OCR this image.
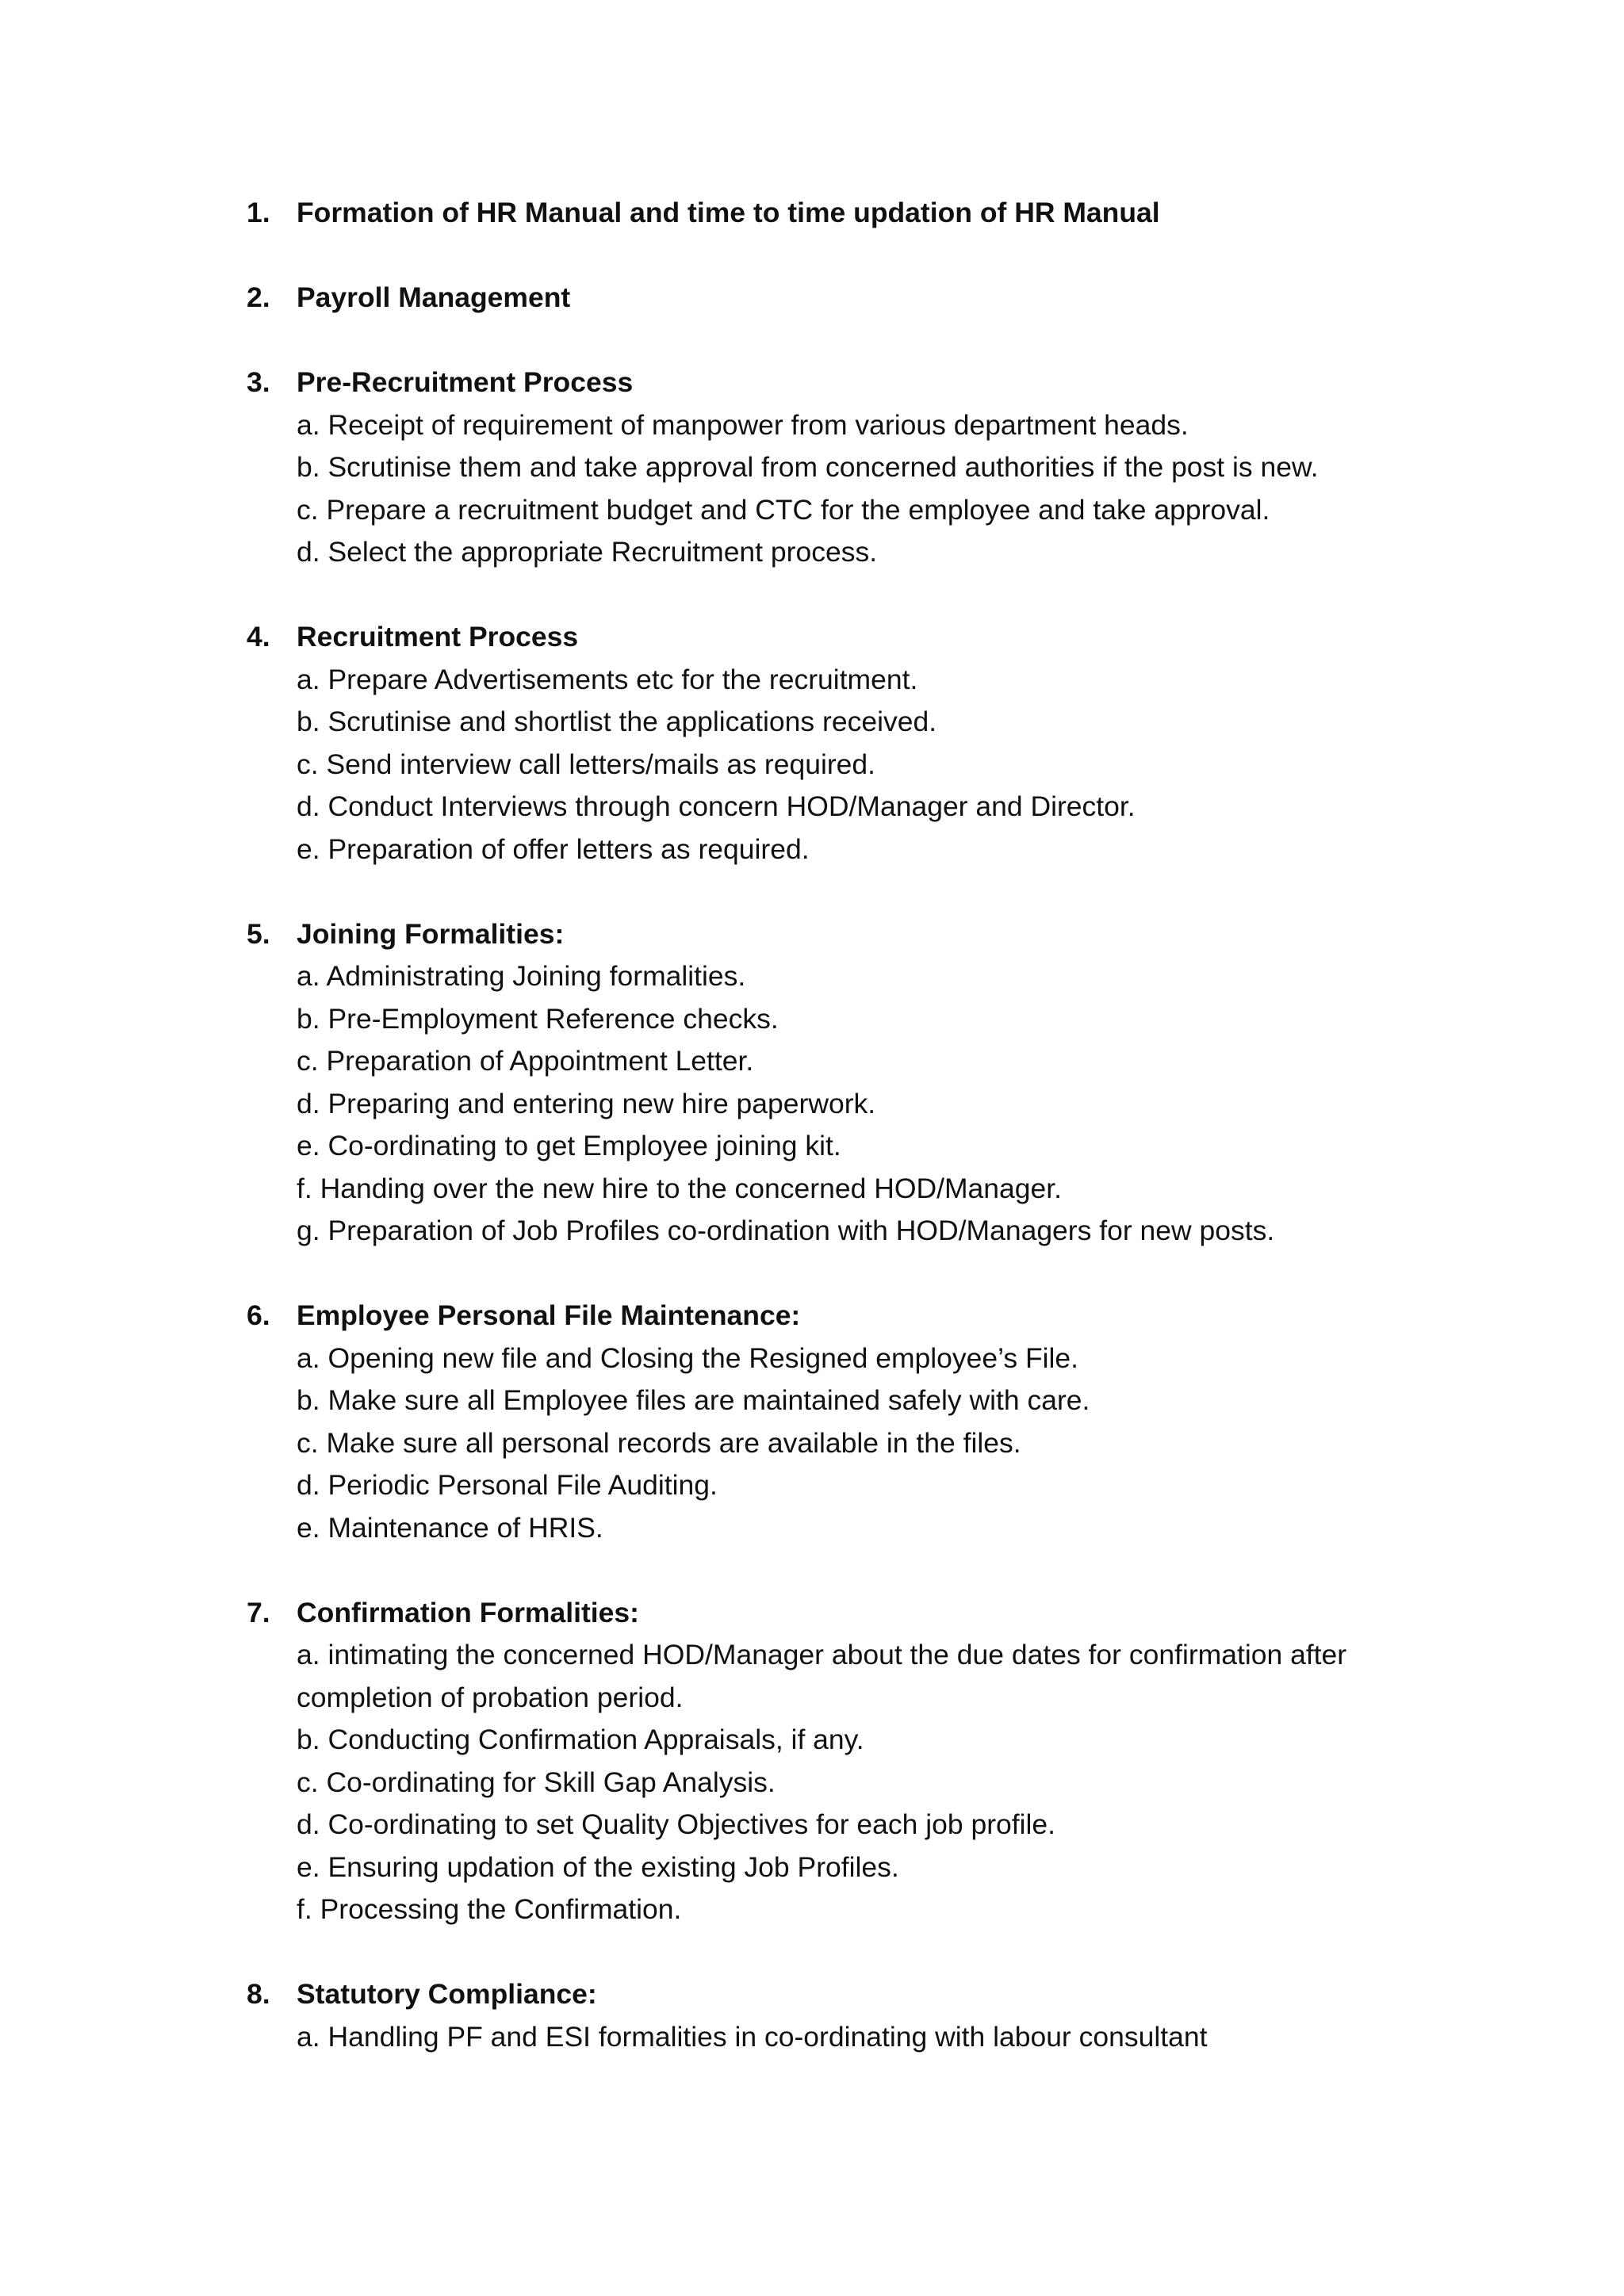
1. Formation of HR Manual and time to time updation of HR Manual
2. Payroll Management
3. Pre-Recruitment Process
a. Receipt of requirement of manpower from various department heads.
b. Scrutinise them and take approval from concerned authorities if the post is new.
c. Prepare a recruitment budget and CTC for the employee and take approval.
d. Select the appropriate Recruitment process.
4. Recruitment Process
a. Prepare Advertisements etc for the recruitment.
b. Scrutinise and shortlist the applications received.
c. Send interview call letters/mails as required.
d. Conduct Interviews through concern HOD/Manager and Director.
e. Preparation of offer letters as required.
5. Joining Formalities:
a. Administrating Joining formalities.
b. Pre-Employment Reference checks.
c. Preparation of Appointment Letter.
d. Preparing and entering new hire paperwork.
e. Co-ordinating to get Employee joining kit.
f. Handing over the new hire to the concerned HOD/Manager.
g. Preparation of Job Profiles co-ordination with HOD/Managers for new posts.
6. Employee Personal File Maintenance:
a. Opening new file and Closing the Resigned employee’s File.
b. Make sure all Employee files are maintained safely with care.
c. Make sure all personal records are available in the files.
d. Periodic Personal File Auditing.
e. Maintenance of HRIS.
7. Confirmation Formalities:
a. intimating the concerned HOD/Manager about the due dates for confirmation after
completion of probation period.
b. Conducting Confirmation Appraisals, if any.
c. Co-ordinating for Skill Gap Analysis.
d. Co-ordinating to set Quality Objectives for each job profile.
e. Ensuring updation of the existing Job Profiles.
f. Processing the Confirmation.
8. Statutory Compliance:
a. Handling PF and ESI formalities in co-ordinating with labour consultant
